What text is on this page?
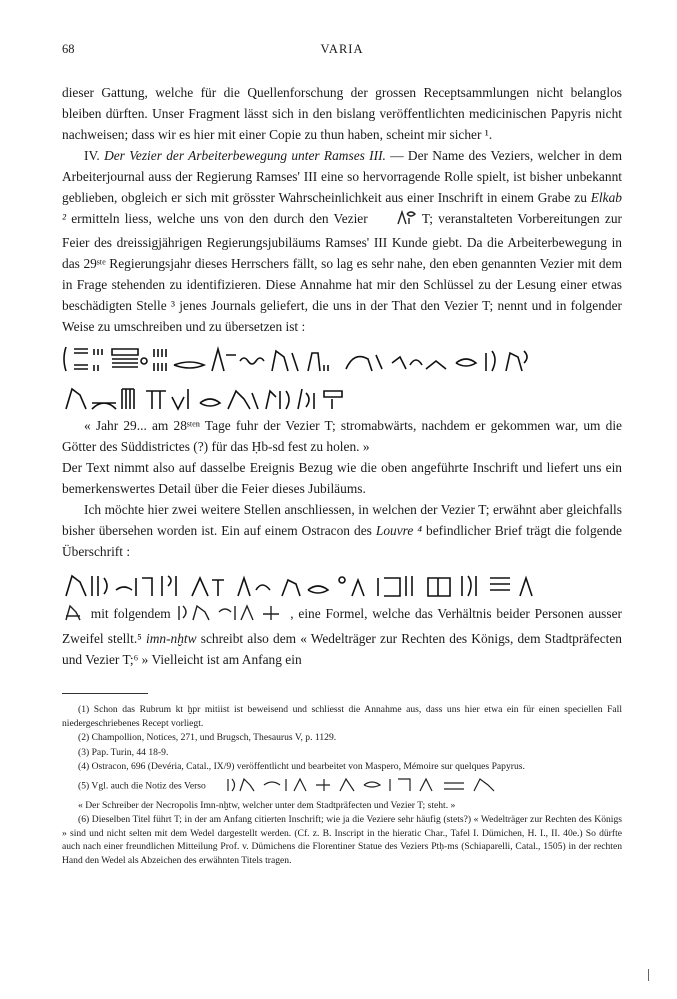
68	VARIA

dieser Gattung, welche für die Quellenforschung der grossen Receptsammlungen nicht belanglos bleiben dürften. Unser Fragment lässt sich in den bislang veröffentlichten medicinischen Papyris nicht nachweisen; dass wir es hier mit einer Copie zu thun haben, scheint mir sicher ¹.

IV. Der Vezier der Arbeiterbewegung unter Ramses III. — Der Name des Veziers, welcher in dem Arbeiterjournal auss der Regierung Ramses' III eine so hervorragende Rolle spielt, ist bisher unbekannt geblieben, obgleich er sich mit grösster Wahrscheinlichkeit aus einer Inschrift in einem Grabe zu Elkab ² ermitteln liess, welche uns von den durch den Vezier	T; veranstalteten Vorbereitungen zur Feier des dreissigjährigen Regierungsjubiläums Ramses' III Kunde giebt. Da die Arbeiterbewegung in das 29ˢᵗᵉ Regierungsjahr dieses Herrschers fällt, so lag es sehr nahe, den eben genannten Vezier mit dem in Frage stehenden zu identifizieren. Diese Annahme hat mir den Schlüssel zu der Lesung einer etwas beschädigten Stelle ³ jenes Journals geliefert, die uns in der That den Vezier T; nennt und in folgender Weise zu umschreiben und zu übersetzen ist :

« Jahr 29... am 28ˢᵗᵉⁿ Tage fuhr der Vezier T; stromabwärts, nachdem er gekommen war, um die Götter des Süddistrictes (?) für das Ḥb-sd fest zu holen. »

Der Text nimmt also auf dasselbe Ereignis Bezug wie die oben angeführte Inschrift und liefert uns ein bemerkenswertes Detail über die Feier dieses Jubiläums.

Ich möchte hier zwei weitere Stellen anschliessen, in welchen der Vezier T; erwähnt aber gleichfalls bisher übersehen worden ist. Ein auf einem Ostracon des Louvre ⁴ befindlicher Brief trägt die folgende Überschrift :

mit folgendem	, eine Formel, welche das Verhältnis beider Personen ausser Zweifel stellt.⁵ imn-nḫtw schreibt also dem « Wedelträger zur Rechten des Königs, dem Stadtpräfecten und Vezier T;⁶ » Vielleicht ist am Anfang ein

(1) Schon das Rubrum kt ḫpr mitiist ist beweisend und schliesst die Annahme aus, dass uns hier etwa ein für einen speciellen Fall niedergeschriebenes Recept vorliegt.

(2) Champollion, Notices, 271, und Brugsch, Thesaurus V, p. 1129.

(3) Pap. Turin, 44 18-9.

(4) Ostracon, 696 (Devéria, Catal., IX/9) veröffentlicht und bearbeitet von Maspero, Mémoire sur quelques Papyrus.

(5) Vgl. auch die Notiz des Verso

« Der Schreiber der Necropolis Imn-nḫtw, welcher unter dem Stadtpräfecten und Vezier T; steht. »

(6) Dieselben Titel führt T; in der am Anfang citierten Inschrift; wie ja die Veziere sehr häufig (stets?) « Wedelträger zur Rechten des Königs » sind und nicht selten mit dem Wedel dargestellt werden. (Cf. z. B. Inscript in the hieratic Char., Tafel I. Dümichen, H. I., II. 40e.) So dürfte auch nach einer freundlichen Mitteilung Prof. v. Dümichens die Florentiner Statue des Veziers Ptḥ-ms (Schiaparelli, Catal., 1505) in der rechten Hand den Wedel als Abzeichen des erwähnten Titels tragen.
